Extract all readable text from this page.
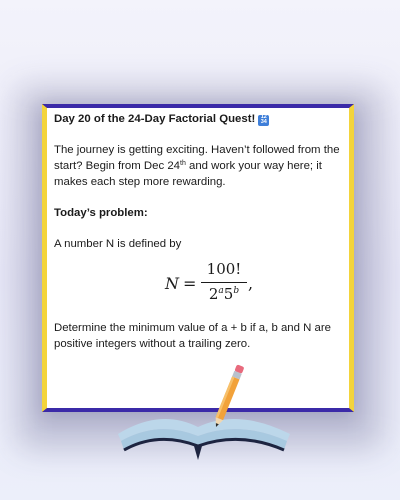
Day 20 of the 24-Day Factorial Quest! 12
34

The journey is getting exciting. Haven’t followed from the start? Begin from Dec 24th and work your way here; it makes each step more rewarding.

Today’s problem:

A number N is defined by

N =
100!
2$^a$5$^b$ ,

Determine the minimum value of a + b if a, b and N are positive integers without a trailing zero.
